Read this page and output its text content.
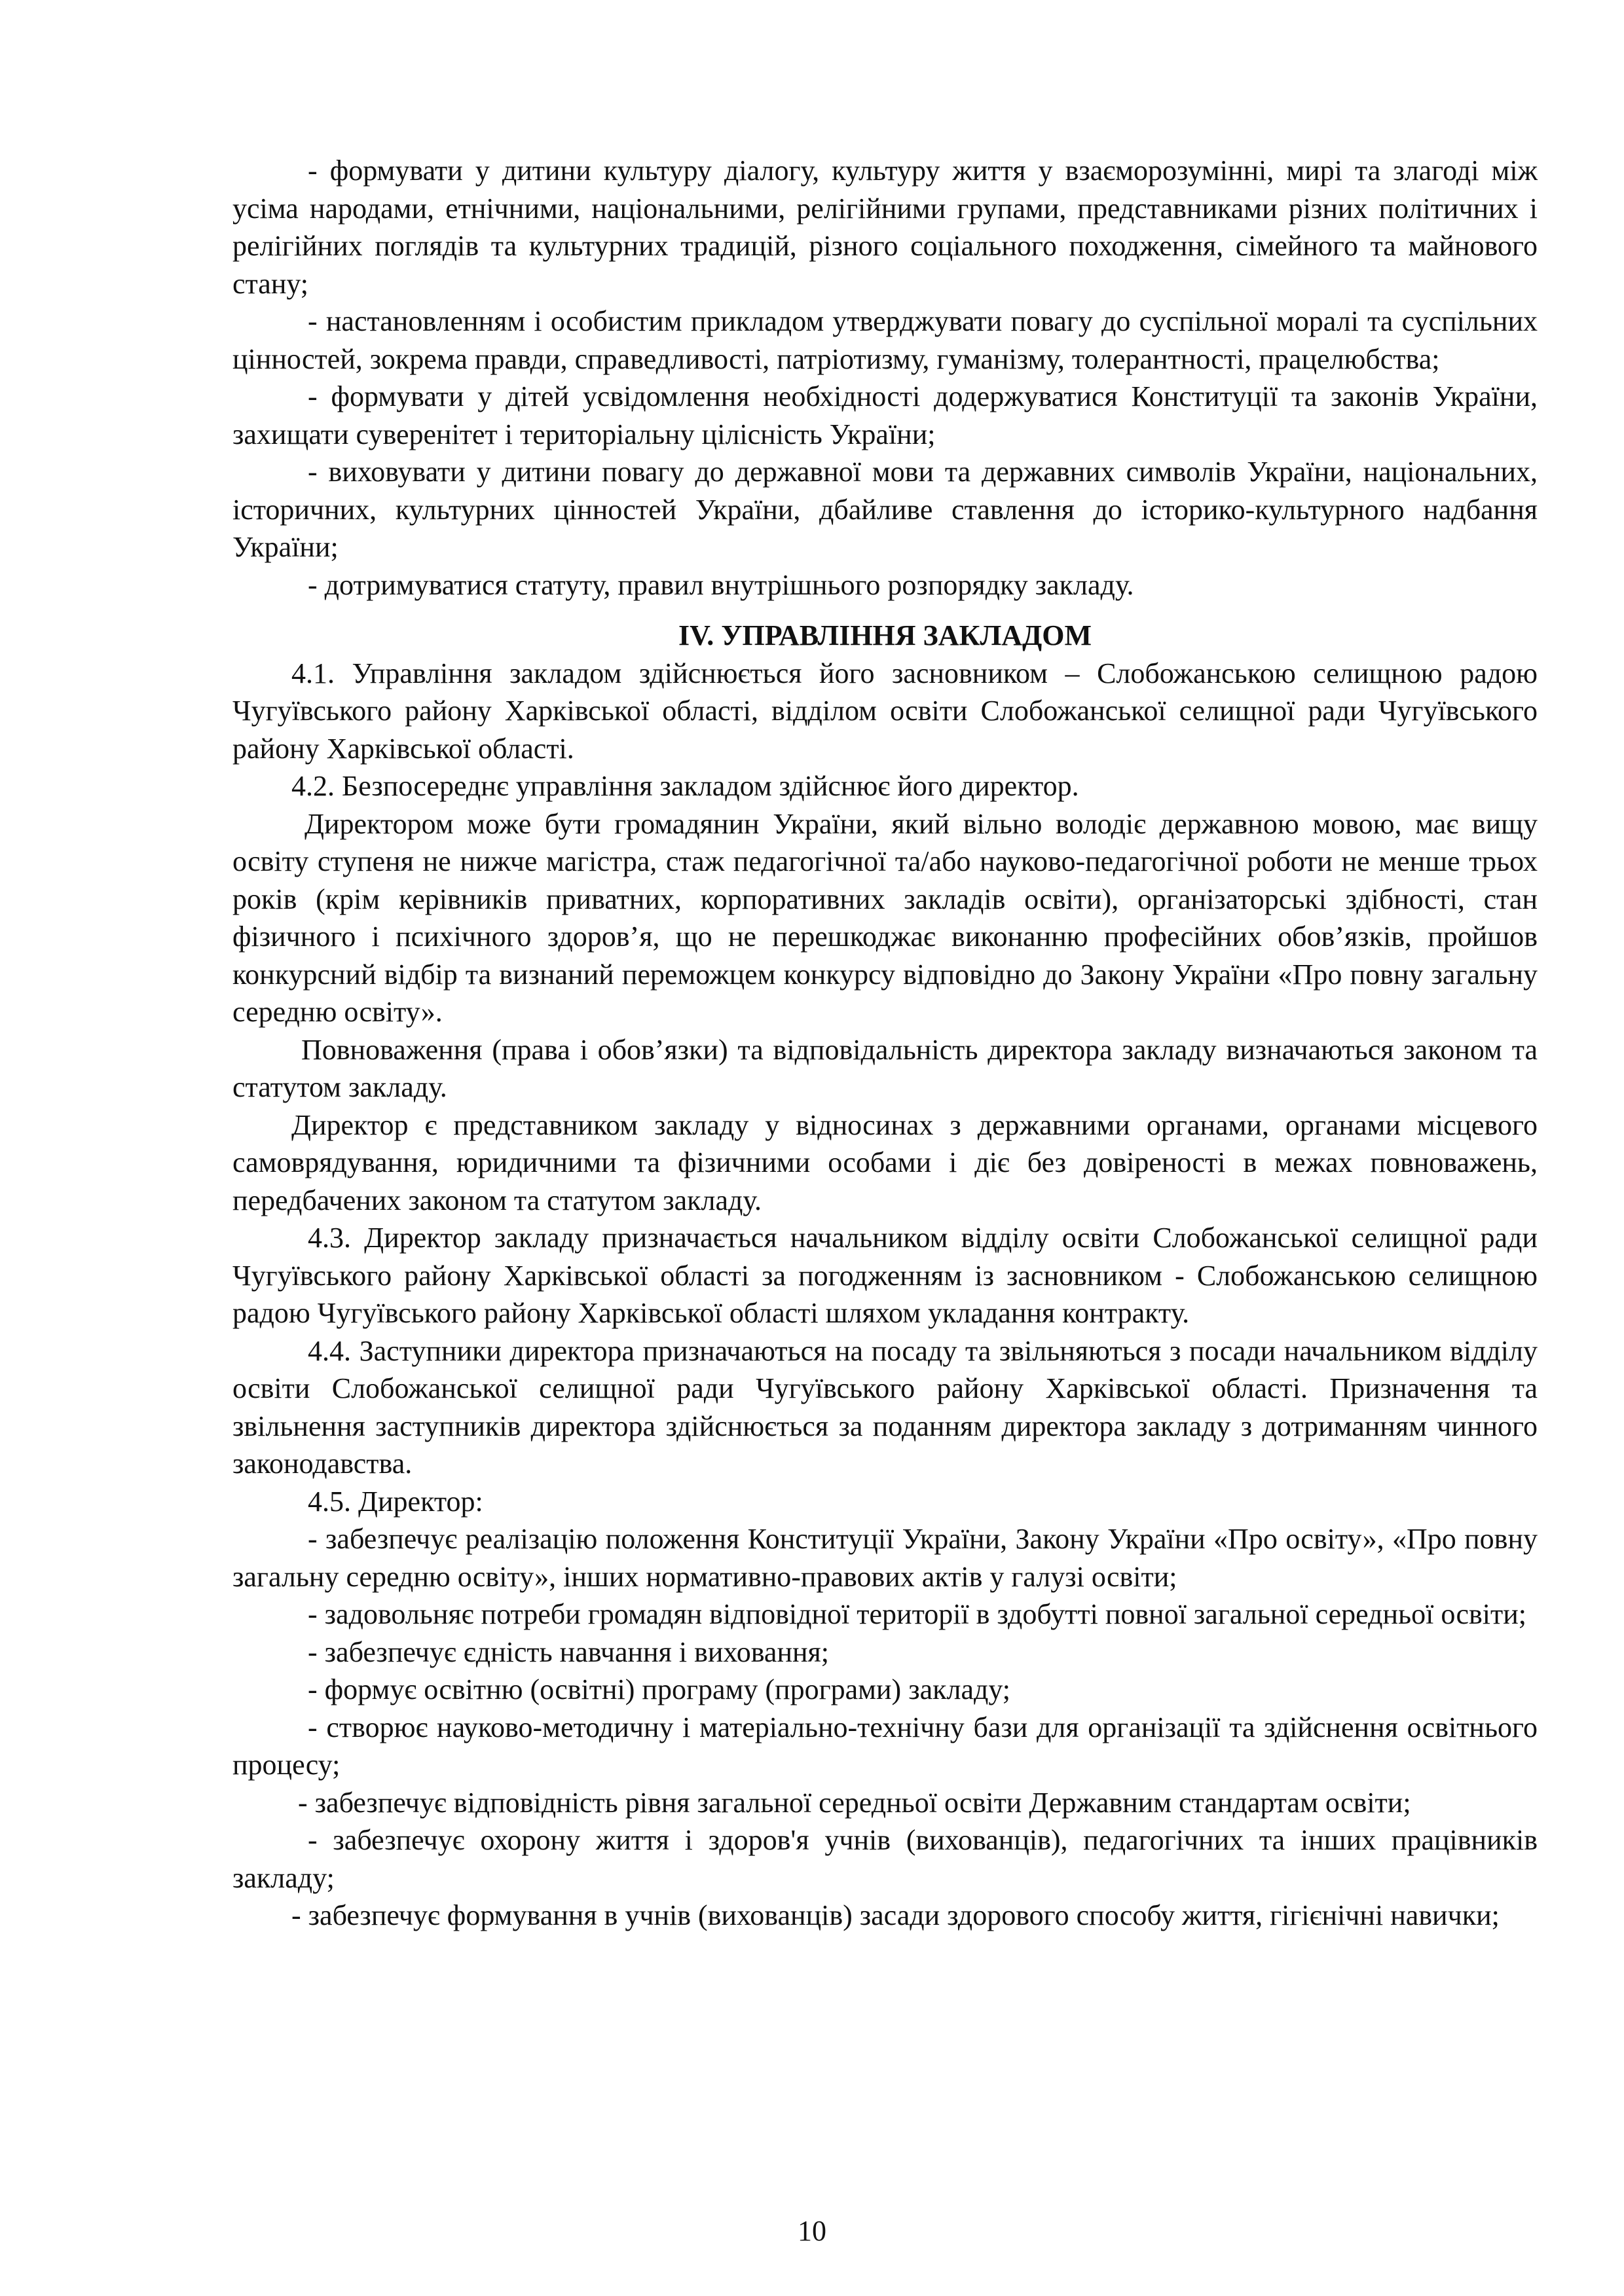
- формувати у дитини культуру діалогу, культуру життя у взаєморозумінні, мирі та злагоді між усіма народами, етнічними, національними, релігійними групами, представниками різних політичних і релігійних поглядів та культурних традицій, різного соціального походження, сімейного та майнового стану;

- настановленням і особистим прикладом утверджувати повагу до суспільної моралі та суспільних цінностей, зокрема правди, справедливості, патріотизму, гуманізму, толерантності, працелюбства;

- формувати у дітей усвідомлення необхідності додержуватися Конституції та законів України, захищати суверенітет і територіальну цілісність України;

- виховувати у дитини повагу до державної мови та державних символів України, національних, історичних, культурних цінностей України, дбайливе ставлення до історико-культурного надбання України;

- дотримуватися статуту, правил внутрішнього розпорядку закладу.

IV. УПРАВЛІННЯ ЗАКЛАДОМ

4.1. Управління закладом здійснюється його засновником – Слобожанською селищною радою Чугуївського району Харківської області, відділом освіти Слобожанської селищної ради Чугуївського району Харківської області.

4.2. Безпосереднє управління закладом здійснює його директор.

Директором може бути громадянин України, який вільно володіє державною мовою, має вищу освіту ступеня не нижче магістра, стаж педагогічної та/або науково-педагогічної роботи не менше трьох років (крім керівників приватних, корпоративних закладів освіти), організаторські здібності, стан фізичного і психічного здоров’я, що не перешкоджає виконанню професійних обов’язків, пройшов конкурсний відбір та визнаний переможцем конкурсу відповідно до Закону України «Про повну загальну середню освіту».

Повноваження (права і обов’язки) та відповідальність директора закладу визначаються законом та статутом закладу.

Директор є представником закладу у відносинах з державними органами, органами місцевого самоврядування, юридичними та фізичними особами і діє без довіреності в межах повноважень, передбачених законом та статутом закладу.

4.3. Директор закладу призначається начальником відділу освіти Слобожанської селищної ради Чугуївського району Харківської області за погодженням із засновником - Слобожанською селищною радою Чугуївського району Харківської області шляхом укладання контракту.

4.4. Заступники директора призначаються на посаду та звільняються з посади начальником відділу освіти Слобожанської селищної ради Чугуївського району Харківської області. Призначення та звільнення заступників директора здійснюється за поданням директора закладу з дотриманням чинного законодавства.

4.5. Директор:

- забезпечує реалізацію положення Конституції України, Закону України «Про освіту», «Про повну загальну середню освіту», інших нормативно-правових актів у галузі освіти;

- задовольняє потреби громадян відповідної території в здобутті повної загальної середньої освіти;

- забезпечує єдність навчання і виховання;

- формує освітню (освітні) програму (програми) закладу;

- створює науково-методичну і матеріально-технічну бази для організації та здійснення освітнього процесу;

- забезпечує відповідність рівня загальної середньої освіти Державним стандартам освіти;

- забезпечує охорону життя і здоров'я учнів (вихованців), педагогічних та інших працівників закладу;

- забезпечує формування в учнів (вихованців) засади здорового способу життя, гігієнічні навички;

10
